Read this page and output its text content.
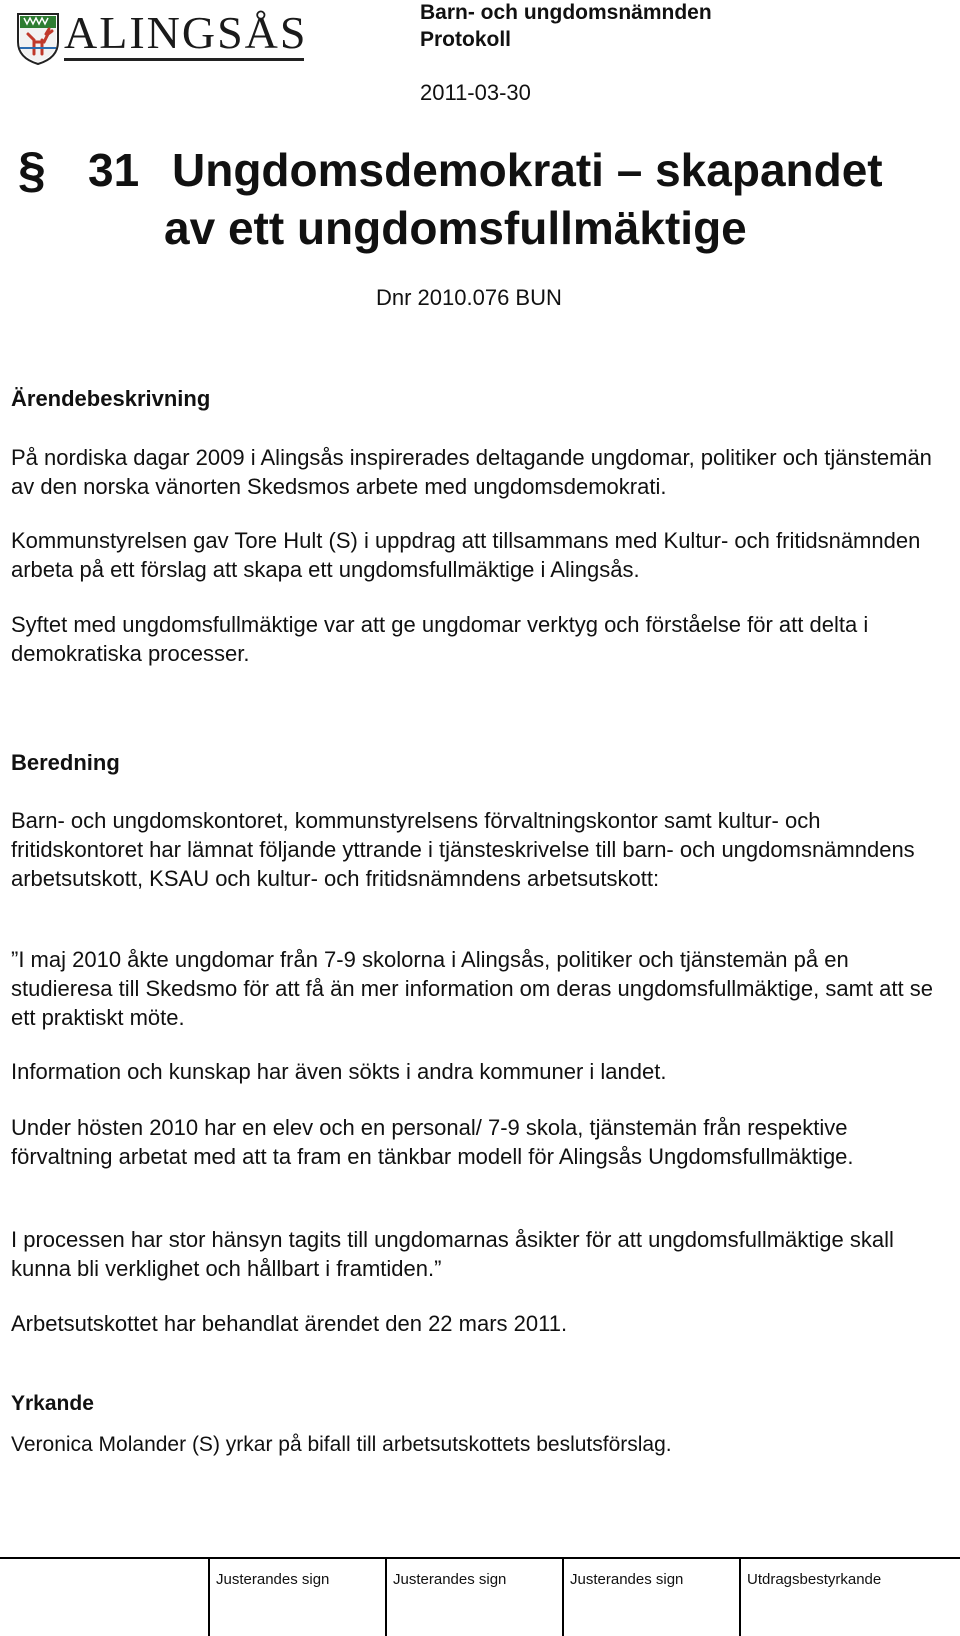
ALINGSÅS	Barn- och ungdomsnämnden
Protokoll
2011-03-30
§ 31 Ungdomsdemokrati – skapandet
av ett ungdomsfullmäktige
Dnr 2010.076 BUN
Ärendebeskrivning

På nordiska dagar 2009 i Alingsås inspirerades deltagande ungdomar, politiker och tjänstemän av den norska vänorten Skedsmos arbete med ungdomsdemokrati.

Kommunstyrelsen gav Tore Hult (S) i uppdrag att tillsammans med Kultur- och fritidsnämnden arbeta på ett förslag att skapa ett ungdomsfullmäktige i Alingsås.

Syftet med ungdomsfullmäktige var att ge ungdomar verktyg och förståelse för att delta i demokratiska processer.

Beredning

Barn- och ungdomskontoret, kommunstyrelsens förvaltningskontor samt kultur- och fritidskontoret har lämnat följande yttrande i tjänsteskrivelse till barn- och ungdomsnämndens arbetsutskott, KSAU och kultur- och fritidsnämndens arbetsutskott:

”I maj 2010 åkte ungdomar från 7-9 skolorna i Alingsås, politiker och tjänstemän på en studieresa till Skedsmo för att få än mer information om deras ungdomsfullmäktige, samt att se ett praktiskt möte.

Information och kunskap har även sökts i andra kommuner i landet.

Under hösten 2010 har en elev och en personal/ 7-9 skola, tjänstemän från respektive förvaltning arbetat med att ta fram en tänkbar modell för Alingsås Ungdomsfullmäktige.

I processen har stor hänsyn tagits till ungdomarnas åsikter för att ungdomsfullmäktige skall kunna bli verklighet och hållbart i framtiden.”

Arbetsutskottet har behandlat ärendet den 22 mars 2011.

Yrkande

Veronica Molander (S) yrkar på bifall till arbetsutskottets beslutsförslag.

Justerandes sign	Justerandes sign	Justerandes sign	Utdragsbestyrkande
